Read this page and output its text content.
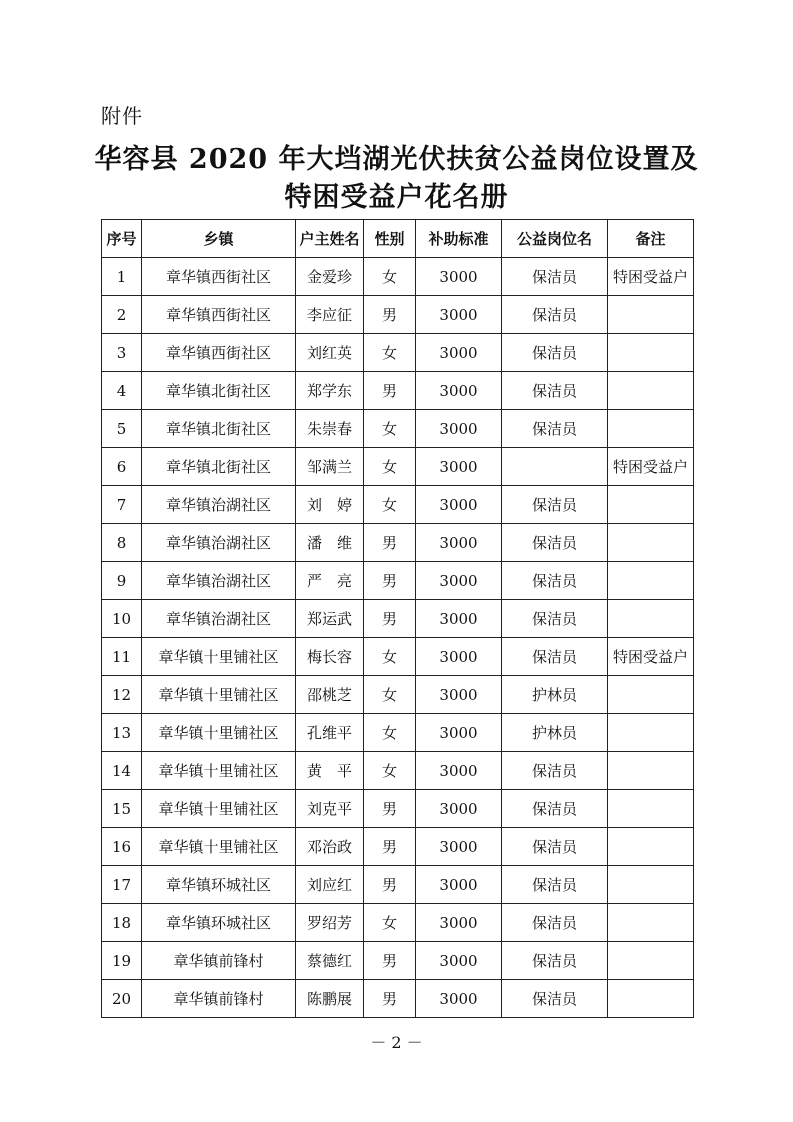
附件
华容县 2020 年大垱湖光伏扶贫公益岗位设置及
特困受益户花名册
序号	乡镇	户主姓名	性别	补助标准	公益岗位名	备注
1	章华镇西街社区	金爱珍	女	3000	保洁员	特困受益户
2	章华镇西街社区	李应征	男	3000	保洁员	
3	章华镇西街社区	刘红英	女	3000	保洁员	
4	章华镇北街社区	郑学东	男	3000	保洁员	
5	章华镇北街社区	朱崇春	女	3000	保洁员	
6	章华镇北街社区	邹满兰	女	3000		特困受益户
7	章华镇治湖社区	刘　婷	女	3000	保洁员	
8	章华镇治湖社区	潘　维	男	3000	保洁员	
9	章华镇治湖社区	严　亮	男	3000	保洁员	
10	章华镇治湖社区	郑运武	男	3000	保洁员	
11	章华镇十里铺社区	梅长容	女	3000	保洁员	特困受益户
12	章华镇十里铺社区	邵桃芝	女	3000	护林员	
13	章华镇十里铺社区	孔维平	女	3000	护林员	
14	章华镇十里铺社区	黄　平	女	3000	保洁员	
15	章华镇十里铺社区	刘克平	男	3000	保洁员	
16	章华镇十里铺社区	邓治政	男	3000	保洁员	
17	章华镇环城社区	刘应红	男	3000	保洁员	
18	章华镇环城社区	罗绍芳	女	3000	保洁员	
19	章华镇前锋村	蔡德红	男	3000	保洁员	
20	章华镇前锋村	陈鹏展	男	3000	保洁员	
－ 2 －
